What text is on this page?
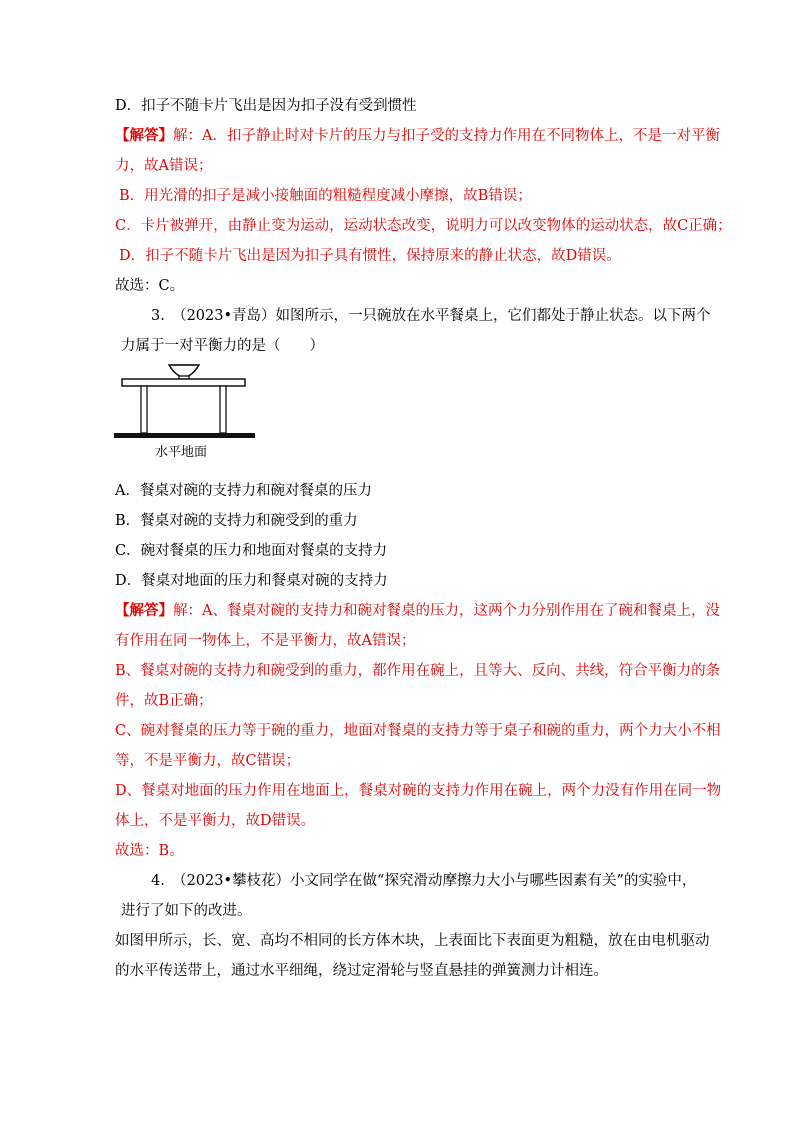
D．扣子不随卡片飞出是因为扣子没有受到惯性
【解答】解：A．扣子静止时对卡片的压力与扣子受的支持力作用在不同物体上，不是一对平衡
力，故A错误；
B．用光滑的扣子是减小接触面的粗糙程度减小摩擦，故B错误；
C．卡片被弹开，由静止变为运动，运动状态改变，说明力可以改变物体的运动状态，故C正确；
D．扣子不随卡片飞出是因为扣子具有惯性，保持原来的静止状态，故D错误。
故选：C。
3.　（2023•青岛）如图所示，一只碗放在水平餐桌上，它们都处于静止状态。以下两个
力属于一对平衡力的是（　　）
水平地面
A．餐桌对碗的支持力和碗对餐桌的压力
B．餐桌对碗的支持力和碗受到的重力
C．碗对餐桌的压力和地面对餐桌的支持力
D．餐桌对地面的压力和餐桌对碗的支持力
【解答】解：A、餐桌对碗的支持力和碗对餐桌的压力，这两个力分别作用在了碗和餐桌上，没
有作用在同一物体上，不是平衡力，故A错误；
B、餐桌对碗的支持力和碗受到的重力，都作用在碗上，且等大、反向、共线，符合平衡力的条
件，故B正确；
C、碗对餐桌的压力等于碗的重力，地面对餐桌的支持力等于桌子和碗的重力，两个力大小不相
等，不是平衡力，故C错误；
D、餐桌对地面的压力作用在地面上，餐桌对碗的支持力作用在碗上，两个力没有作用在同一物
体上，不是平衡力，故D错误。
故选：B。
4.　（2023•攀枝花）小文同学在做“探究滑动摩擦力大小与哪些因素有关”的实验中，
进行了如下的改进。
如图甲所示，长、宽、高均不相同的长方体木块，上表面比下表面更为粗糙，放在由电机驱动
的水平传送带上，通过水平细绳，绕过定滑轮与竖直悬挂的弹簧测力计相连。
